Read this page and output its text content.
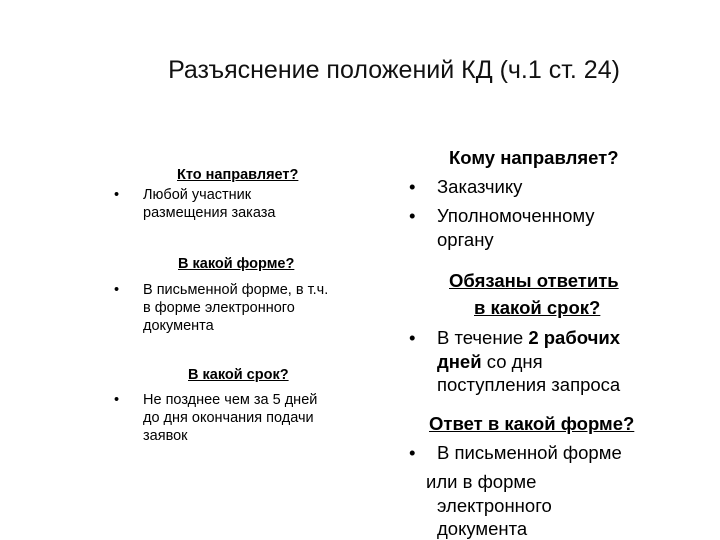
Разъяснение положений КД (ч.1 ст. 24)
Кто направляет?
• Любой участник
размещения заказа
В какой форме?
• В письменной форме, в т.ч.
в форме электронного
документа
В какой срок?
• Не позднее чем за 5 дней
до дня окончания подачи
заявок
Кому направляет?
• Заказчику
• Уполномоченному
органу
Обязаны ответить
в какой срок?
• В течение 2 рабочих
дней со дня
поступления запроса
Ответ в какой форме?
• В письменной форме
или в форме
электронного
документа
